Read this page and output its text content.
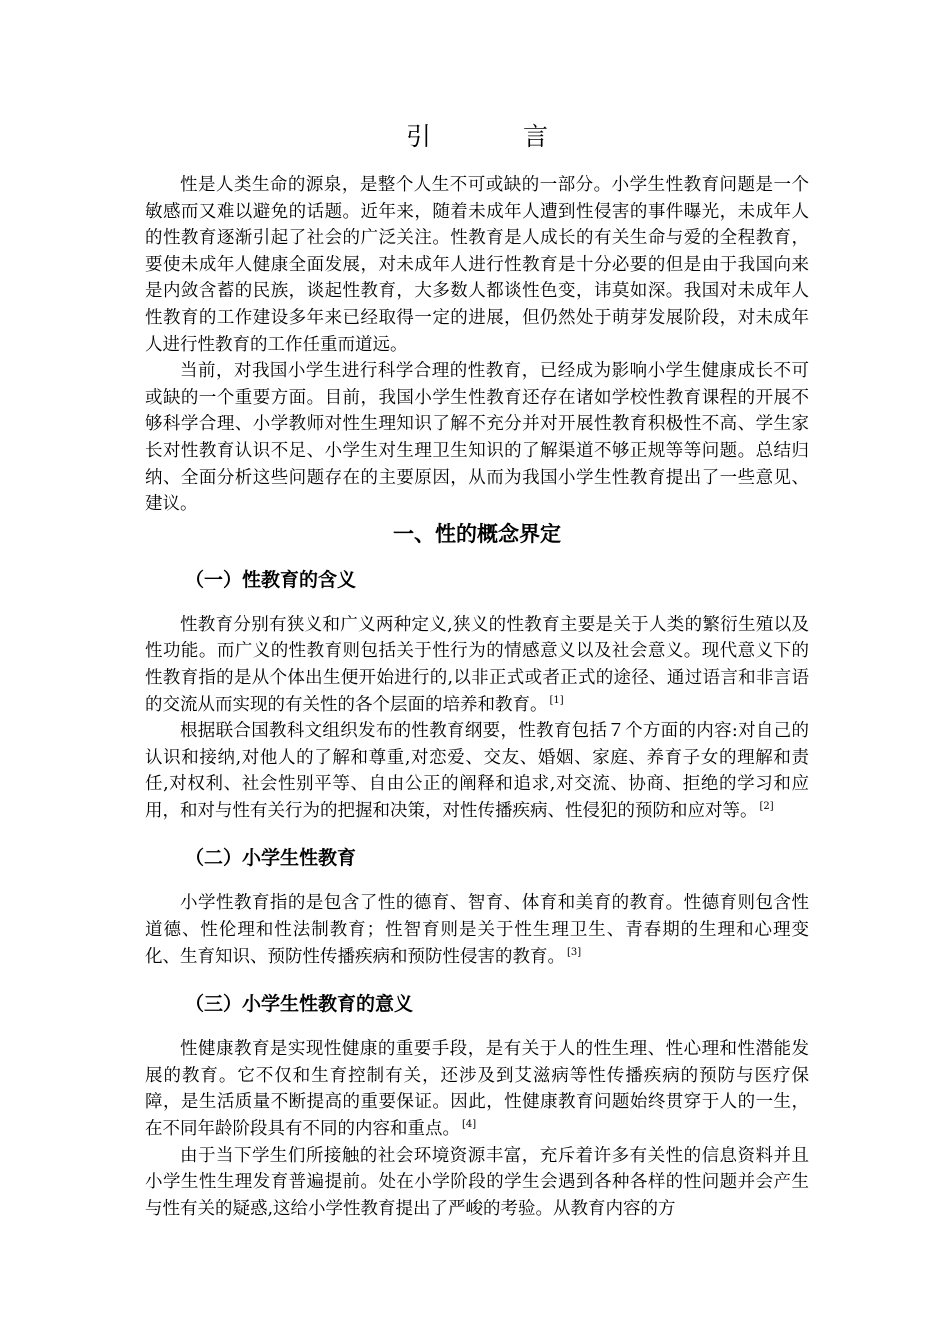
引 言

性是人类生命的源泉，是整个人生不可或缺的一部分。小学生性教育问题是一个敏感而又难以避免的话题。近年来，随着未成年人遭到性侵害的事件曝光，未成年人的性教育逐渐引起了社会的广泛关注。性教育是人成长的有关生命与爱的全程教育，要使未成年人健康全面发展，对未成年人进行性教育是十分必要的但是由于我国向来是内敛含蓄的民族，谈起性教育，大多数人都谈性色变，讳莫如深。我国对未成年人性教育的工作建设多年来已经取得一定的进展，但仍然处于萌芽发展阶段，对未成年人进行性教育的工作任重而道远。

当前，对我国小学生进行科学合理的性教育，已经成为影响小学生健康成长不可或缺的一个重要方面。目前，我国小学生性教育还存在诸如学校性教育课程的开展不够科学合理、小学教师对性生理知识了解不充分并对开展性教育积极性不高、学生家长对性教育认识不足、小学生对生理卫生知识的了解渠道不够正规等等问题。总结归纳、全面分析这些问题存在的主要原因，从而为我国小学生性教育提出了一些意见、建议。

一、性的概念界定
（一）性教育的含义

性教育分别有狭义和广义两种定义,狭义的性教育主要是关于人类的繁衍生殖以及性功能。而广义的性教育则包括关于性行为的情感意义以及社会意义。现代意义下的性教育指的是从个体出生便开始进行的,以非正式或者正式的途径、通过语言和非言语的交流从而实现的有关性的各个层面的培养和教育。 [1]

根据联合国教科文组织发布的性教育纲要，性教育包括７个方面的内容:对自己的认识和接纳,对他人的了解和尊重,对恋爱、交友、婚姻、家庭、养育子女的理解和责任,对权利、社会性别平等、自由公正的阐释和追求,对交流、协商、拒绝的学习和应用，和对与性有关行为的把握和决策，对性传播疾病、性侵犯的预防和应对等。 [2]

（二）小学生性教育

小学性教育指的是包含了性的德育、智育、体育和美育的教育。性德育则包含性道德、性伦理和性法制教育；性智育则是关于性生理卫生、青春期的生理和心理变化、生育知识、预防性传播疾病和预防性侵害的教育。 [3]

（三）小学生性教育的意义

性健康教育是实现性健康的重要手段，是有关于人的性生理、性心理和性潜能发展的教育。它不仅和生育控制有关，还涉及到艾滋病等性传播疾病的预防与医疗保障，是生活质量不断提高的重要保证。因此，性健康教育问题始终贯穿于人的一生，在不同年龄阶段具有不同的内容和重点。 [4]

由于当下学生们所接触的社会环境资源丰富，充斥着许多有关性的信息资料并且小学生性生理发育普遍提前。处在小学阶段的学生会遇到各种各样的性问题并会产生与性有关的疑惑,这给小学性教育提出了严峻的考验。从教育内容的方
